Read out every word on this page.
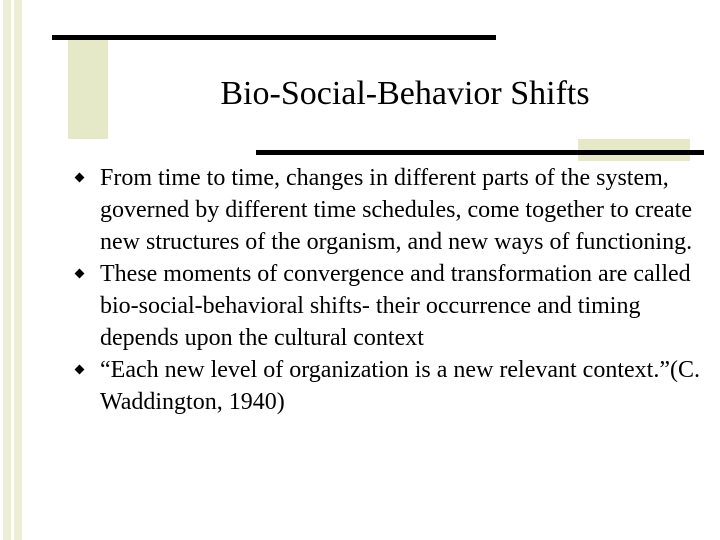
Bio-Social-Behavior Shifts
From time to time, changes in different parts of the system, governed by different time schedules, come together to create new structures of the organism, and new ways of functioning.
These moments of convergence and transformation are called bio-social-behavioral shifts- their occurrence and timing depends upon the cultural context
“Each new level of organization is a new relevant context.”(C. Waddington, 1940)
